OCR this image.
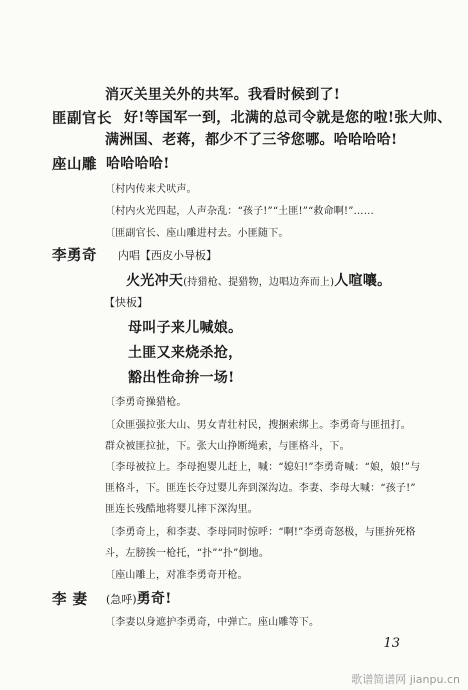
消灭关里关外的共军。我看时候到了!
匪副官长 好!等国军一到，北满的总司令就是您的啦!张大帅、
满洲国、老蒋，都少不了三爷您哪。哈哈哈哈!
座山雕 哈哈哈哈!
〔村内传来犬吠声。
〔村内火光四起，人声杂乱：“孩子!”“土匪!”“救命啊!”……
〔匪副官长、座山雕进村去。小匪随下。
李勇奇 内唱【西皮小导板】
火光冲天(持猎枪、提猎物，边唱边奔而上)人喧嚷。
【快板】
母叫子来儿喊娘。
土匪又来烧杀抢，
豁出性命拚一场!
〔李勇奇操猎枪。
〔众匪强拉张大山、男女青壮村民，搜捆索绑上。李勇奇与匪扭打。
群众被匪拉扯，下。张大山挣断绳索，与匪格斗，下。
〔李母被拉上。李母抱婴儿赶上，喊：“媳妇!”李勇奇喊：“娘，娘!”与
匪格斗，下。匪连长夺过婴儿奔到深沟边。李妻、李母大喊：“孩子!”
匪连长残酷地将婴儿摔下深沟里。
〔李勇奇上，和李妻、李母同时惊呼：“啊!”李勇奇怒极，与匪拚死格
斗，左膀挨一枪托，“扑”“扑”倒地。
〔座山雕上，对准李勇奇开枪。
李 妻 (急呼)勇奇!
〔李妻以身遮护李勇奇，中弹亡。座山雕等下。
13
歌谱简谱网 jianpu.cn
